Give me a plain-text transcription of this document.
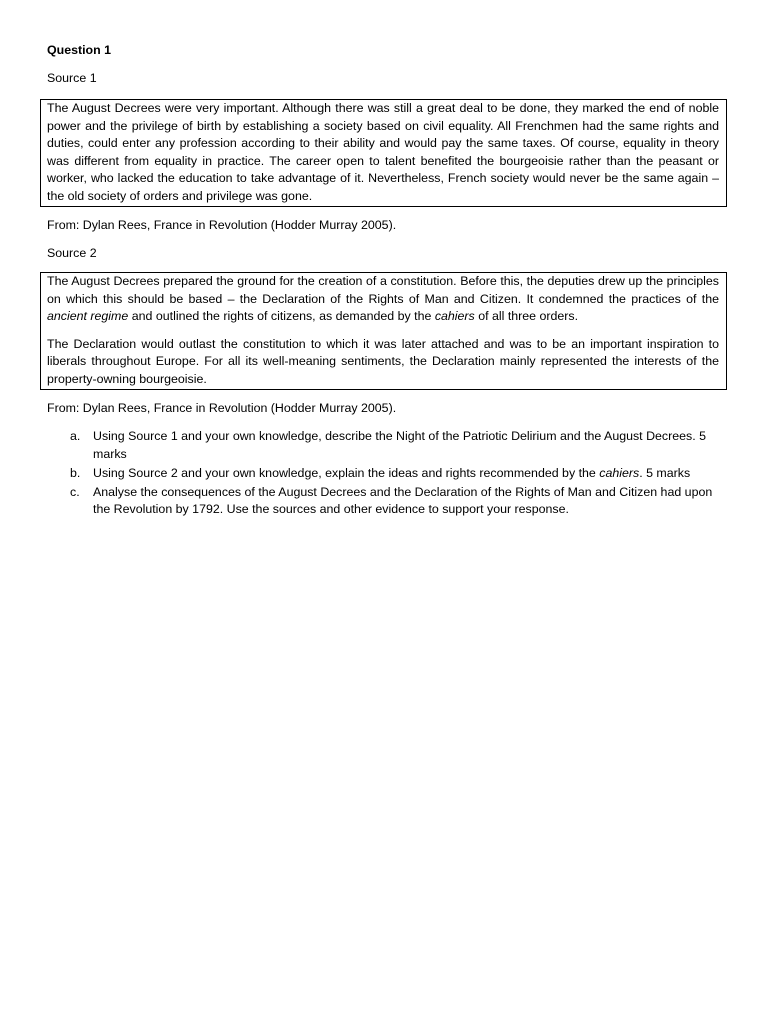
Question 1

Source 1

The August Decrees were very important. Although there was still a great deal to be done, they marked the end of noble power and the privilege of birth by establishing a society based on civil equality. All Frenchmen had the same rights and duties, could enter any profession according to their ability and would pay the same taxes. Of course, equality in theory was different from equality in practice. The career open to talent benefited the bourgeoisie rather than the peasant or worker, who lacked the education to take advantage of it. Nevertheless, French society would never be the same again – the old society of orders and privilege was gone.

From: Dylan Rees, France in Revolution (Hodder Murray 2005).

Source 2

The August Decrees prepared the ground for the creation of a constitution. Before this, the deputies drew up the principles on which this should be based – the Declaration of the Rights of Man and Citizen. It condemned the practices of the ancient regime and outlined the rights of citizens, as demanded by the cahiers of all three orders.

The Declaration would outlast the constitution to which it was later attached and was to be an important inspiration to liberals throughout Europe. For all its well-meaning sentiments, the Declaration mainly represented the interests of the property-owning bourgeoisie.

From: Dylan Rees, France in Revolution (Hodder Murray 2005).

a. Using Source 1 and your own knowledge, describe the Night of the Patriotic Delirium and the August Decrees. 5 marks
b. Using Source 2 and your own knowledge, explain the ideas and rights recommended by the cahiers. 5 marks
c. Analyse the consequences of the August Decrees and the Declaration of the Rights of Man and Citizen had upon the Revolution by 1792. Use the sources and other evidence to support your response.
